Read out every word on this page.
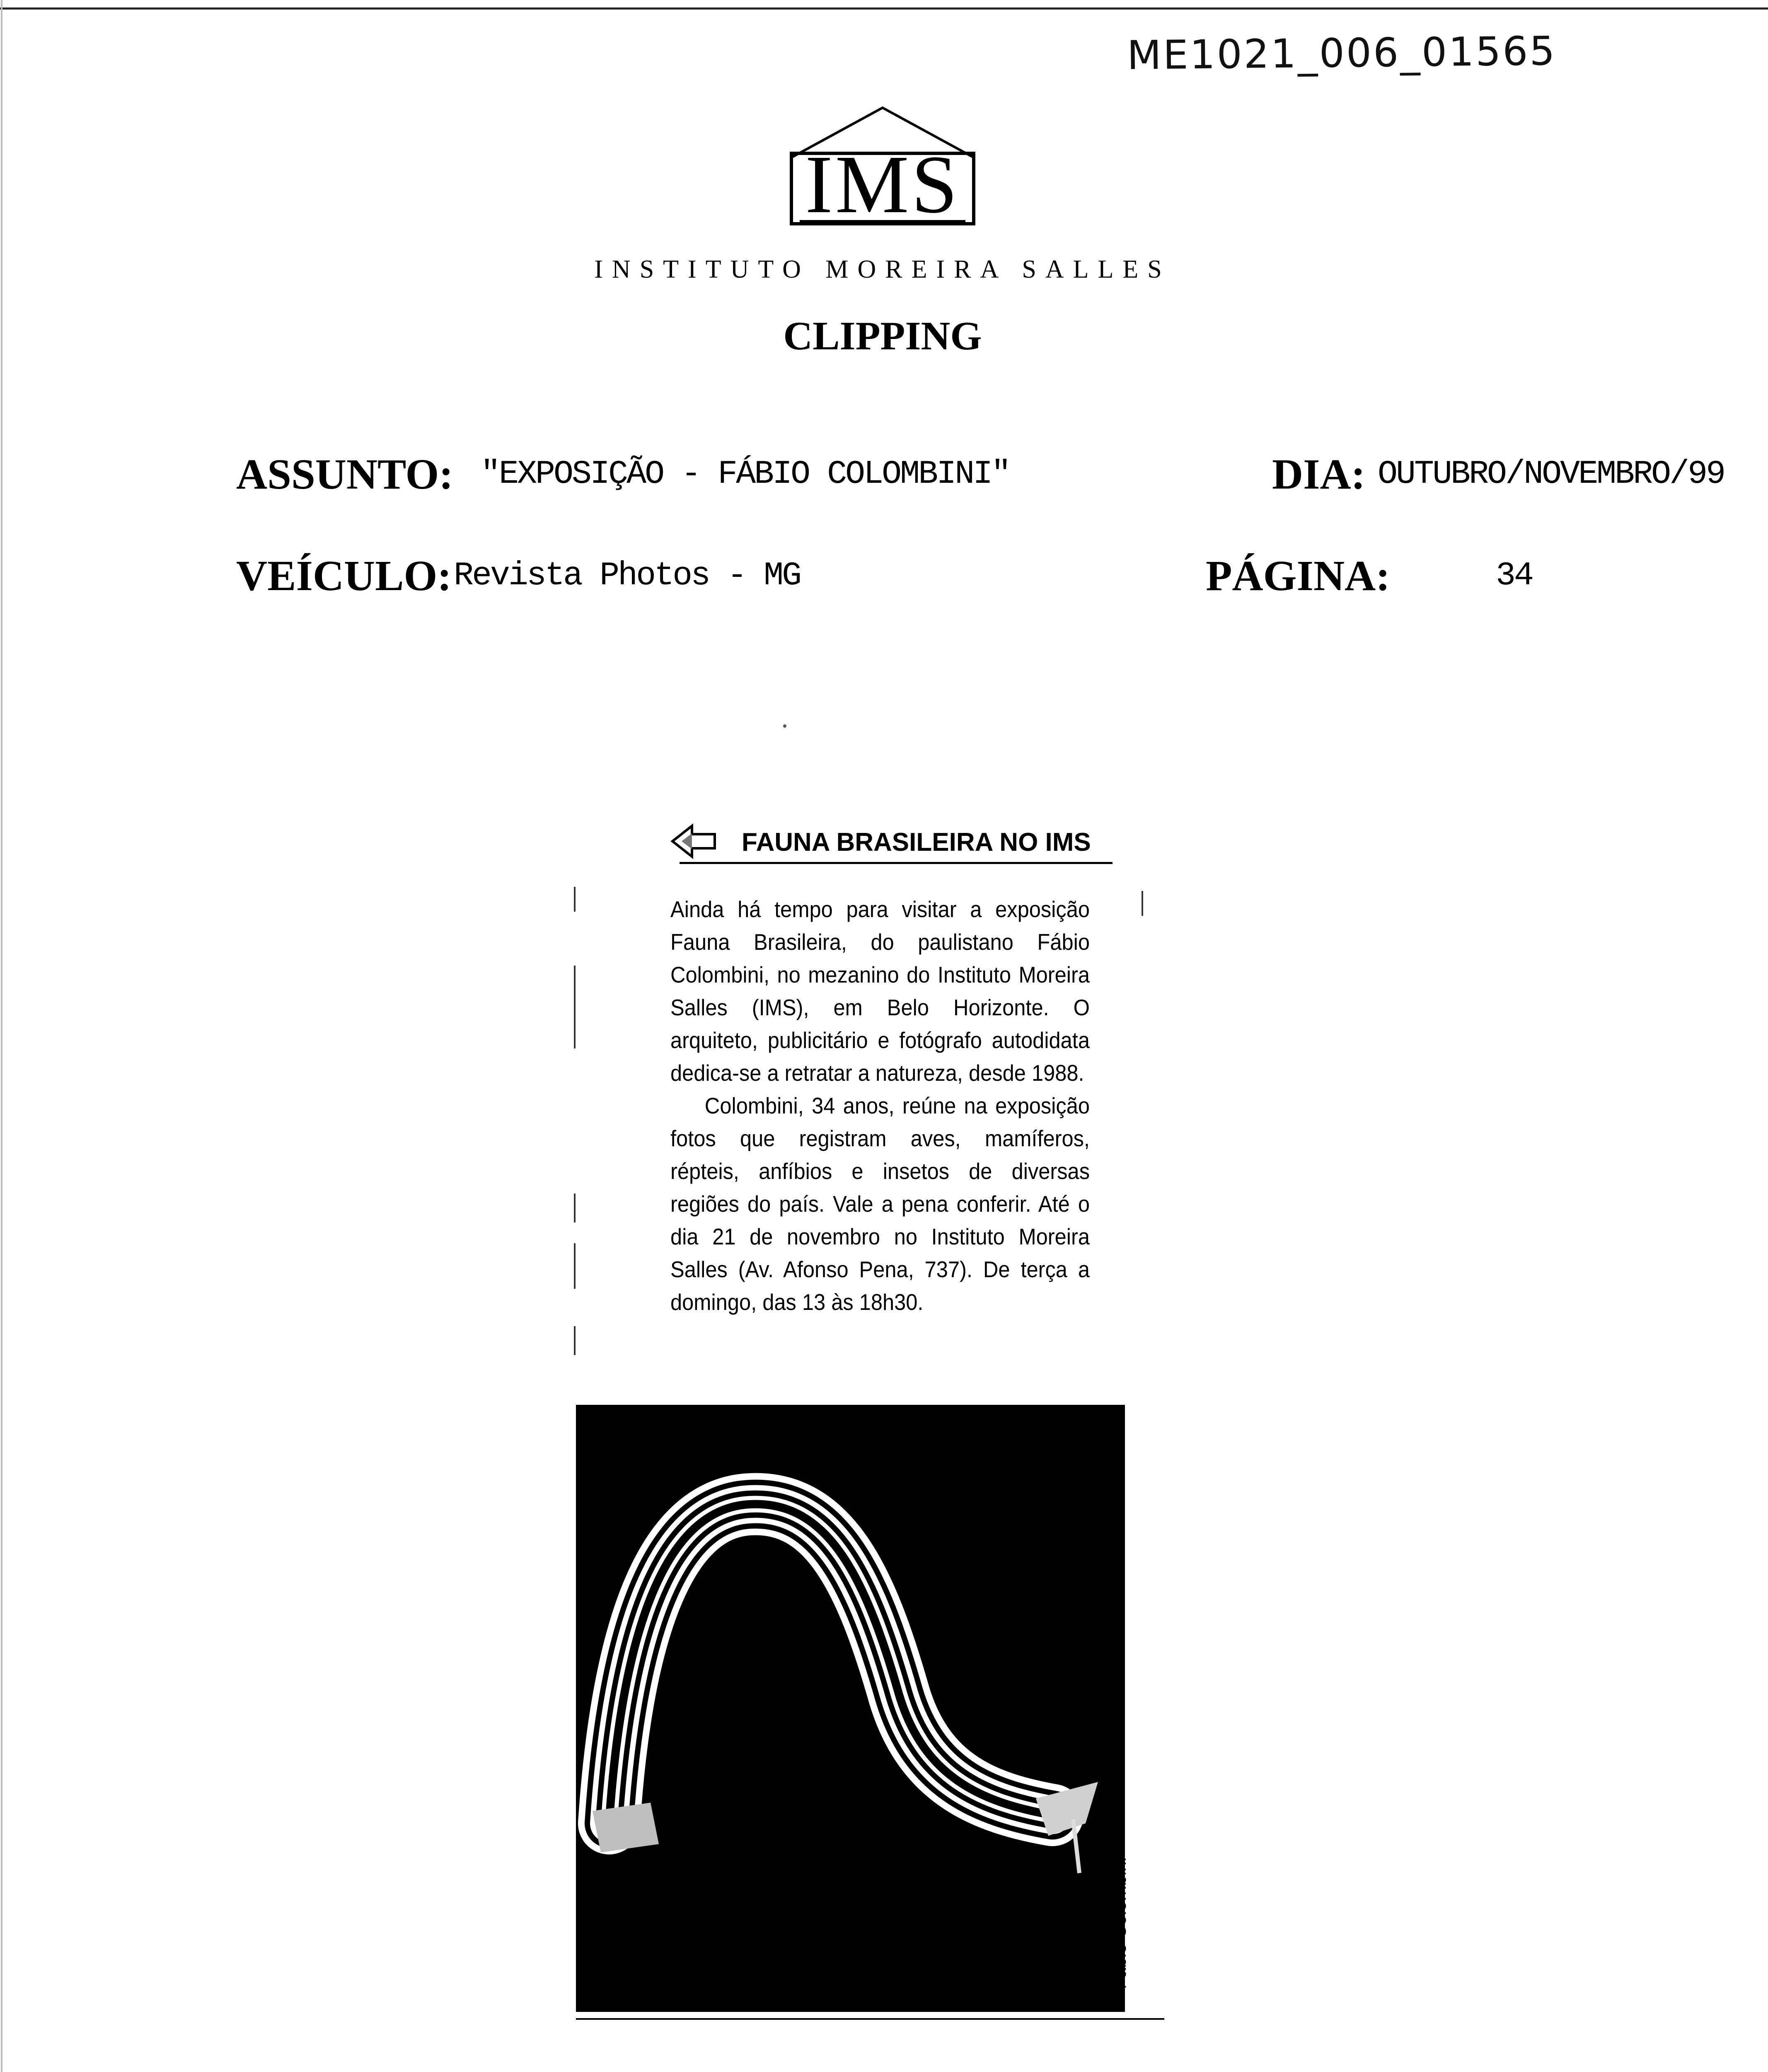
ME1021_006_01565
IMS
INSTITUTO MOREIRA SALLES
CLIPPING
ASSUNTO: "EXPOSIÇÃO - FÁBIO COLOMBINI"	DIA: OUTUBRO/NOVEMBRO/99
VEÍCULO: Revista Photos - MG	PÁGINA:	34
FAUNA BRASILEIRA NO IMS

Ainda há tempo para visitar a exposição Fauna Brasileira, do paulistano Fábio Colombini, no mezanino do Instituto Moreira Salles (IMS), em Belo Horizonte. O arquiteto, publicitário e fotógrafo autodidata dedica-se a retratar a natureza, desde 1988.

Colombini, 34 anos, reúne na exposição fotos que registram aves, mamíferos, répteis, anfíbios e insetos de diversas regiões do país. Vale a pena conferir. Até o dia 21 de novembro no Instituto Moreira Salles (Av. Afonso Pena, 737). De terça a domingo, das 13 às 18h30.

Fábio Colombini
